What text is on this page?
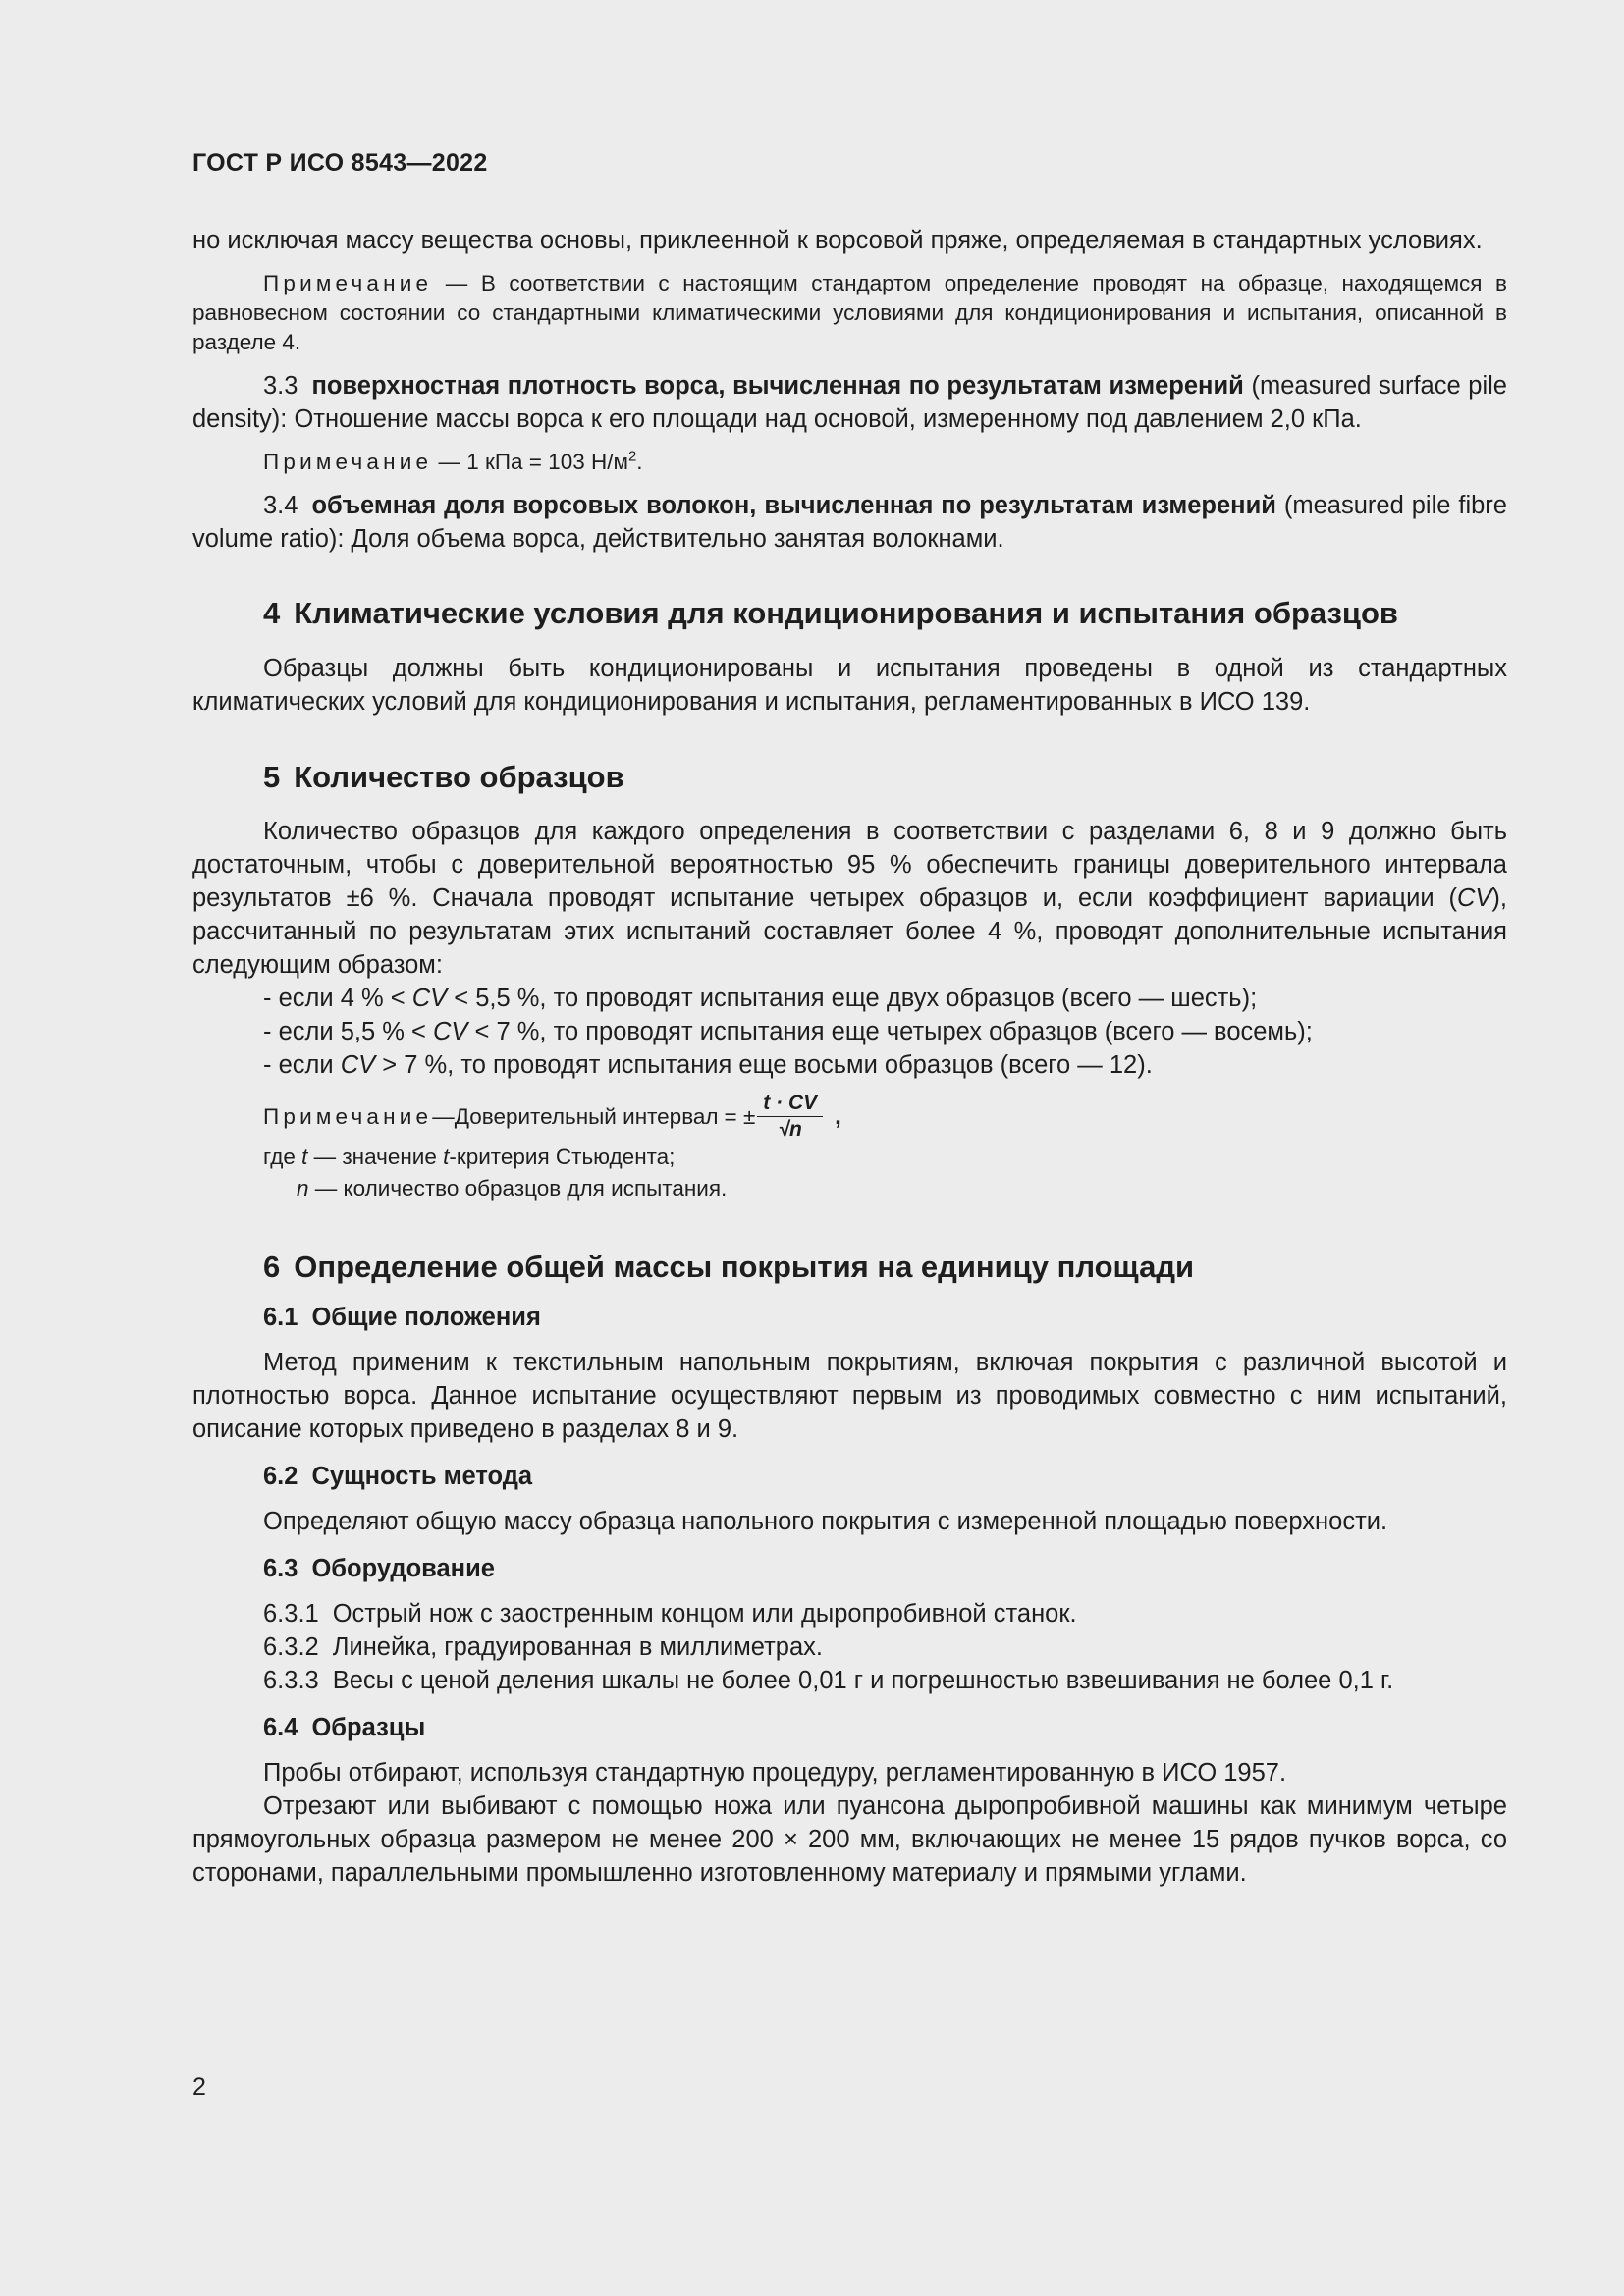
ГОСТ Р ИСО 8543—2022

но исключая массу вещества основы, приклеенной к ворсовой пряже, определяемая в стандартных условиях.

Примечание — В соответствии с настоящим стандартом определение проводят на образце, находящемся в равновесном состоянии со стандартными климатическими условиями для кондиционирования и испытания, описанной в разделе 4.

3.3 поверхностная плотность ворса, вычисленная по результатам измерений (measured surface pile density): Отношение массы ворса к его площади над основой, измеренному под давлением 2,0 кПа.

Примечание — 1 кПа = 103 $Н/м^2$.

3.4 объемная доля ворсовых волокон, вычисленная по результатам измерений (measured pile fibre volume ratio): Доля объема ворса, действительно занятая волокнами.

4 Климатические условия для кондиционирования и испытания образцов

Образцы должны быть кондиционированы и испытания проведены в одной из стандартных климатических условий для кондиционирования и испытания, регламентированных в ИСО 139.

5 Количество образцов

Количество образцов для каждого определения в соответствии с разделами 6, 8 и 9 должно быть достаточным, чтобы с доверительной вероятностью 95 % обеспечить границы доверительного интервала результатов ±6 %. Сначала проводят испытание четырех образцов и, если коэффициент вариации (CV), рассчитанный по результатам этих испытаний составляет более 4 %, проводят дополнительные испытания следующим образом:

- если 4 % < CV < 5,5 %, то проводят испытания еще двух образцов (всего — шесть);

- если 5,5 % < CV < 7 %, то проводят испытания еще четырех образцов (всего — восемь);

- если CV > 7 %, то проводят испытания еще восьми образцов (всего — 12).

Примечание — Доверительный интервал = ± $\frac{t \cdot CV}{√n}$ ,
где t — значение t-критерия Стьюдента;
n — количество образцов для испытания.
6 Определение общей массы покрытия на единицу площади
6.1 Общие положения

Метод применим к текстильным напольным покрытиям, включая покрытия с различной высотой и плотностью ворса. Данное испытание осуществляют первым из проводимых совместно с ним испытаний, описание которых приведено в разделах 8 и 9.

6.2 Сущность метода

Определяют общую массу образца напольного покрытия с измеренной площадью поверхности.

6.3 Оборудование

6.3.1 Острый нож с заостренным концом или дыропробивной станок.

6.3.2 Линейка, градуированная в миллиметрах.

6.3.3 Весы с ценой деления шкалы не более 0,01 г и погрешностью взвешивания не более 0,1 г.

6.4 Образцы

Пробы отбирают, используя стандартную процедуру, регламентированную в ИСО 1957.

Отрезают или выбивают с помощью ножа или пуансона дыропробивной машины как минимум четыре прямоугольных образца размером не менее 200 × 200 мм, включающих не менее 15 рядов пучков ворса, со сторонами, параллельными промышленно изготовленному материалу и прямыми углами.

2
